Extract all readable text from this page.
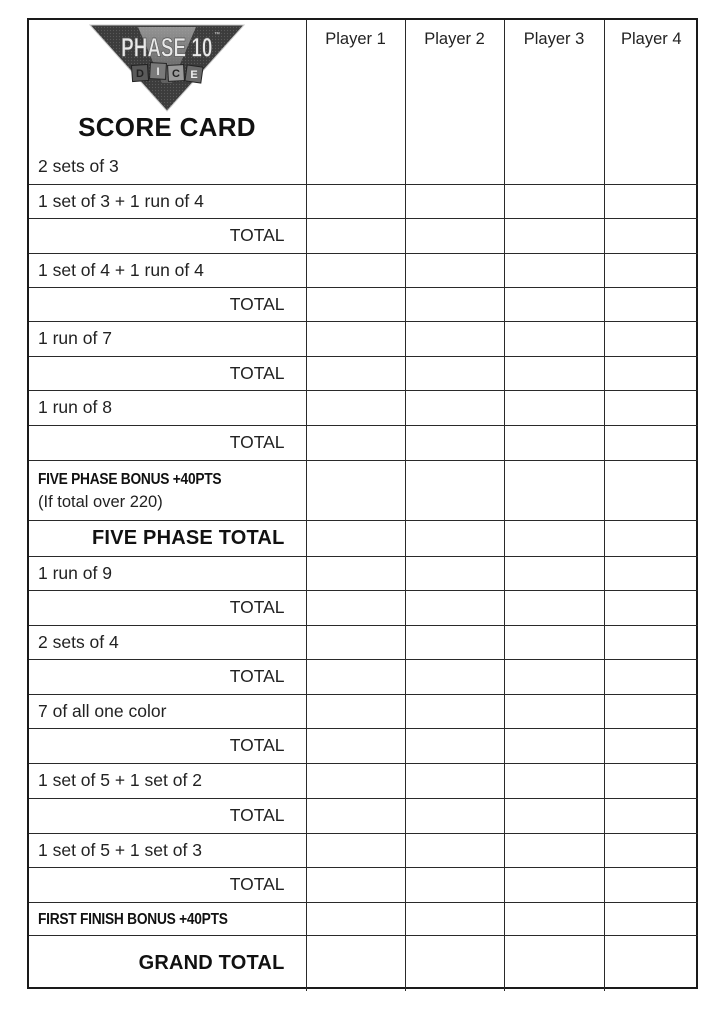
PHASE 10 ™
D I C E
SCORE CARD
	Player 1	Player 2	Player 3	Player 4
2 sets of 3				
1 set of 3 + 1 run of 4				
TOTAL				
1 set of 4 + 1 run of 4				
TOTAL				
1 run of 7				
TOTAL				
1 run of 8				
TOTAL				
FIVE PHASE BONUS +40PTS
(If total over 220)				

FIVE PHASE TOTAL				
1 run of 9				
TOTAL				
2 sets of 4				
TOTAL				
7 of all one color				
TOTAL				
1 set of 5 + 1 set of 2				
TOTAL				
1 set of 5 + 1 set of 3				
TOTAL				
FIRST FINISH BONUS +40PTS				
GRAND TOTAL				
